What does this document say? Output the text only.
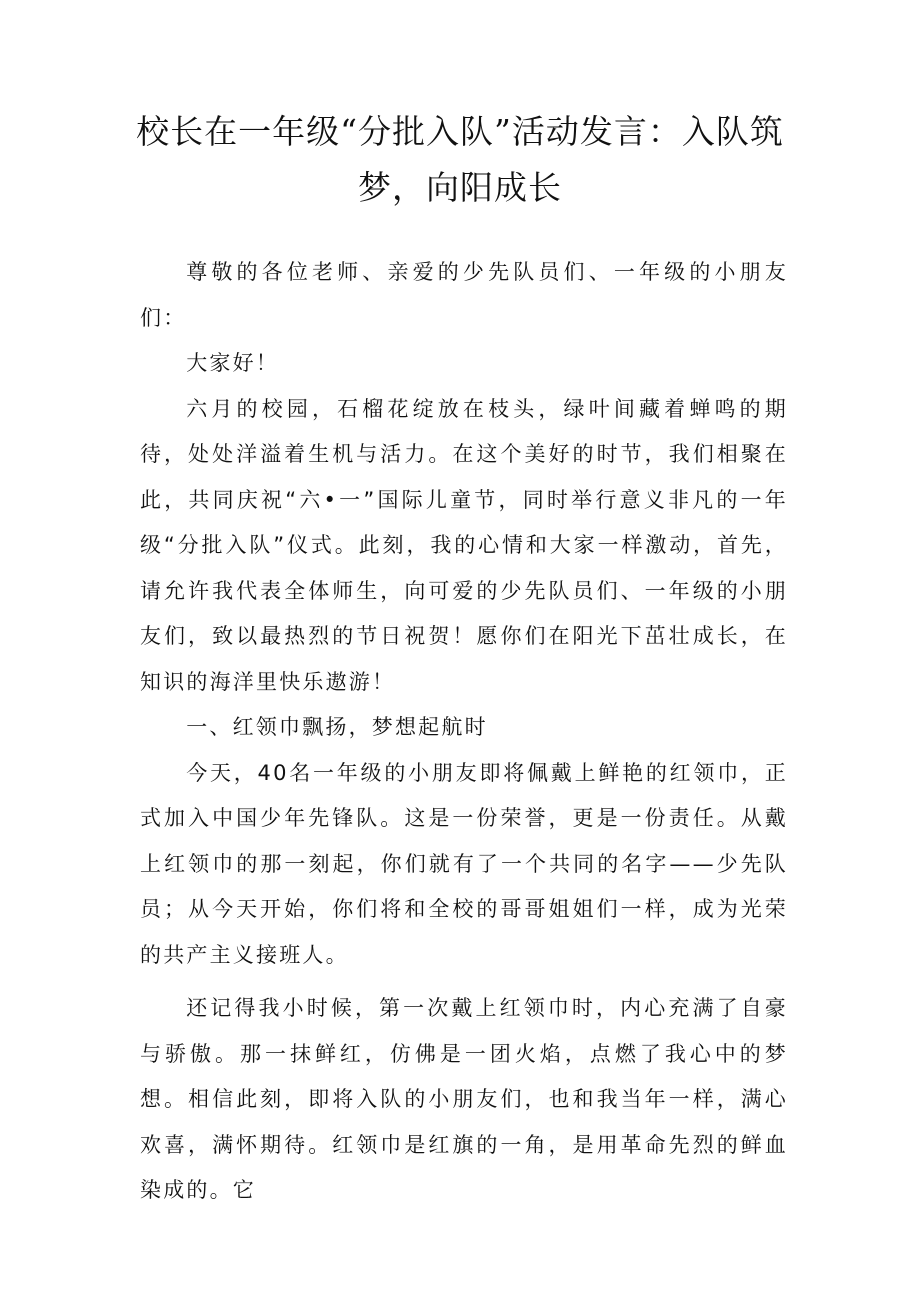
校长在一年级“分批入队”活动发言：入队筑梦，向阳成长

尊敬的各位老师、亲爱的少先队员们、一年级的小朋友们：

大家好！

六月的校园，石榴花绽放在枝头，绿叶间藏着蝉鸣的期待，处处洋溢着生机与活力。在这个美好的时节，我们相聚在此，共同庆祝“六•一”国际儿童节，同时举行意义非凡的一年级“分批入队”仪式。此刻，我的心情和大家一样激动，首先，请允许我代表全体师生，向可爱的少先队员们、一年级的小朋友们，致以最热烈的节日祝贺！愿你们在阳光下茁壮成长，在知识的海洋里快乐遨游！

一、红领巾飘扬，梦想起航时

今天，40名一年级的小朋友即将佩戴上鲜艳的红领巾，正式加入中国少年先锋队。这是一份荣誉，更是一份责任。从戴上红领巾的那一刻起，你们就有了一个共同的名字——少先队员；从今天开始，你们将和全校的哥哥姐姐们一样，成为光荣的共产主义接班人。

还记得我小时候，第一次戴上红领巾时，内心充满了自豪与骄傲。那一抹鲜红，仿佛是一团火焰，点燃了我心中的梦想。相信此刻，即将入队的小朋友们，也和我当年一样，满心欢喜，满怀期待。红领巾是红旗的一角，是用革命先烈的鲜血染成的。它
